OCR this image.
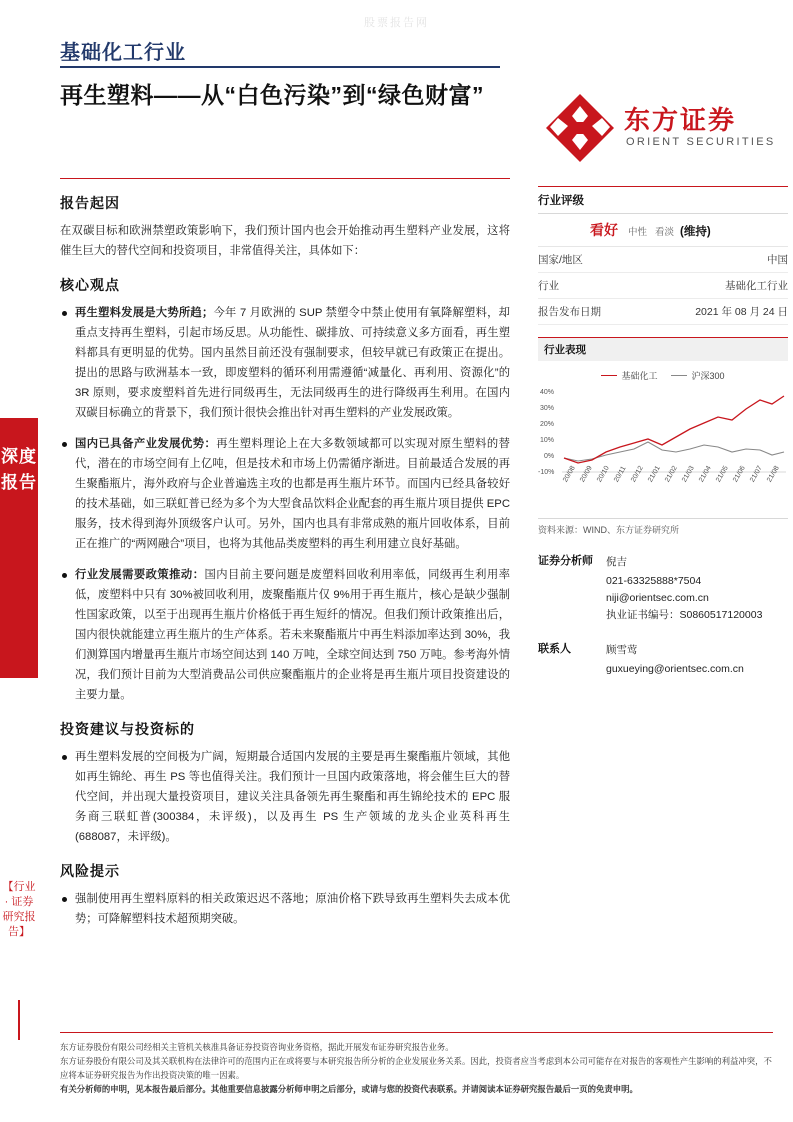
股票报告网
深度报告
【行业 · 证券研究报告】
基础化工行业
再生塑料——从“白色污染”到“绿色财富”
东方证券
ORIENT SECURITIES
报告起因

在双碳目标和欧洲禁塑政策影响下，我们预计国内也会开始推动再生塑料产业发展，这将催生巨大的替代空间和投资项目，非常值得关注，具体如下：

核心观点
再生塑料发展是大势所趋；今年 7 月欧洲的 SUP 禁塑令中禁止使用有氧降解塑料，却重点支持再生塑料，引起市场反思。从功能性、碳排放、可持续意义多方面看，再生塑料都具有更明显的优势。国内虽然目前还没有强制要求，但较早就已有政策正在提出。提出的思路与欧洲基本一致，即废塑料的循环利用需遵循“减量化、再利用、资源化”的 3R 原则，要求废塑料首先进行同级再生，无法同级再生的进行降级再生利用。在国内双碳目标确立的背景下，我们预计很快会推出针对再生塑料的产业发展政策。
国内已具备产业发展优势：再生塑料理论上在大多数领域都可以实现对原生塑料的替代，潜在的市场空间有上亿吨，但是技术和市场上仍需循序渐进。目前最适合发展的再生聚酯瓶片，海外政府与企业普遍选主攻的也都是再生瓶片环节。而国内已经具备较好的技术基础，如三联虹普已经为多个为大型食品饮料企业配套的再生瓶片项目提供 EPC 服务，技术得到海外顶级客户认可。另外，国内也具有非常成熟的瓶片回收体系，目前正在推广的“两网融合”项目，也将为其他品类废塑料的再生利用建立良好基础。
行业发展需要政策推动：国内目前主要问题是废塑料回收利用率低，同级再生利用率低，废塑料中只有 30%被回收利用，废聚酯瓶片仅 9%用于再生瓶片，核心是缺少强制性国家政策，以至于出现再生瓶片价格低于再生短纤的情况。但我们预计政策推出后，国内很快就能建立再生瓶片的生产体系。若未来聚酯瓶片中再生料添加率达到 30%，我们测算国内增量再生瓶片市场空间达到 140 万吨，全球空间达到 750 万吨。参考海外情况，我们预计目前为大型消费品公司供应聚酯瓶片的企业将是再生瓶片项目投资建设的主要力量。
投资建议与投资标的
再生塑料发展的空间极为广阔，短期最合适国内发展的主要是再生聚酯瓶片领域，其他如再生锦纶、再生 PS 等也值得关注。我们预计一旦国内政策落地，将会催生巨大的替代空间，并出现大量投资项目，建议关注具备领先再生聚酯和再生锦纶技术的 EPC 服务商三联虹普(300384，未评级)，以及再生 PS 生产领域的龙头企业英科再生(688087，未评级)。
风险提示
强制使用再生塑料原料的相关政策迟迟不落地；原油价格下跌导致再生塑料失去成本优势；可降解塑料技术超预期突破。
行业评级
看好 中性 看淡 (维持)
国家/地区	中国
行业	基础化工行业
报告发布日期	2021 年 08 月 24 日
行业表现
基础化工	沪深300
40%
30%
20%
10%
0%
-10% 20/08 20/09 20/10 20/11 20/12 21/01 21/02 21/03 21/04 21/05 21/06 21/07 21/08
资料来源：WIND、东方证券研究所
证券分析师 倪吉
021-63325888*7504
niji@orientsec.com.cn
执业证书编号：S0860517120003
联系人	顾雪莺
guxueying@orientsec.com.cn
东方证券股份有限公司经相关主管机关核准具备证券投资咨询业务资格，据此开展发布证券研究报告业务。
东方证券股份有限公司及其关联机构在法律许可的范围内正在或将要与本研究报告所分析的企业发展业务关系。因此，投资者应当考虑到本公司可能存在对报告的客观性产生影响的利益冲突，不应将本证券研究报告为作出投资决策的唯一因素。
有关分析师的申明，见本报告最后部分。其他重要信息披露分析师申明之后部分，或请与您的投资代表联系。并请阅读本证券研究报告最后一页的免责申明。
